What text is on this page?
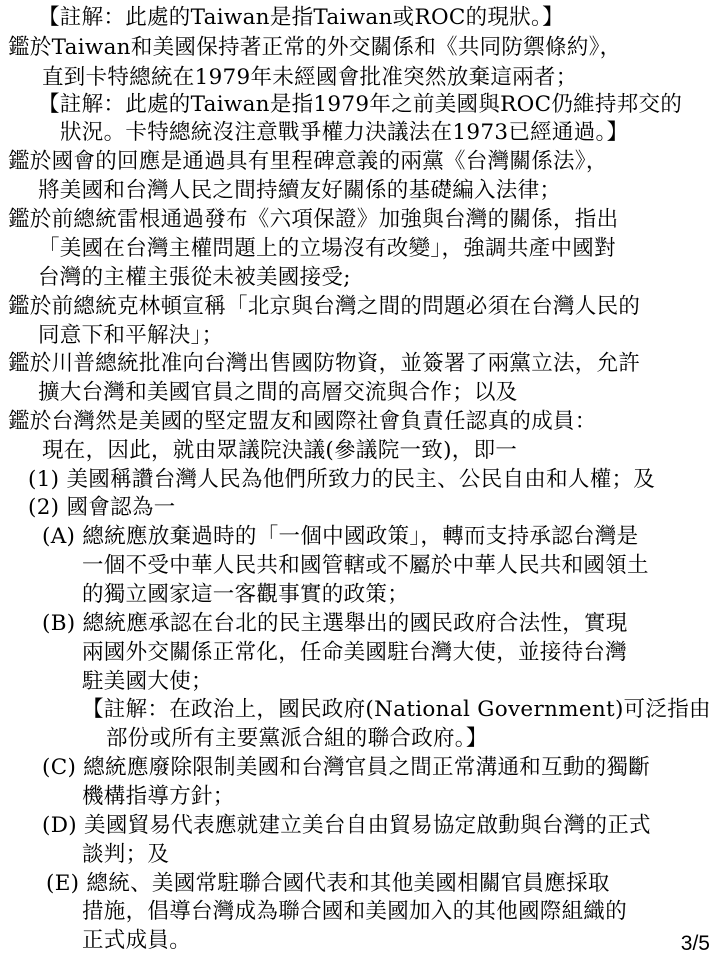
【註解：此處的Taiwan是指Taiwan或ROC的現狀。】

鑑於Taiwan和美國保持著正常的外交關係和《共同防禦條約》，

直到卡特總統在1979年未經國會批准突然放棄這兩者；

【註解：此處的Taiwan是指1979年之前美國與ROC仍維持邦交的

狀況。卡特總統沒注意戰爭權力決議法在1973已經通過。】

鑑於國會的回應是通過具有里程碑意義的兩黨《台灣關係法》，

將美國和台灣人民之間持續友好關係的基礎編入法律；

鑑於前總統雷根通過發布《六項保證》加強與台灣的關係，指出

「美國在台灣主權問題上的立場沒有改變」，強調共產中國對

台灣的主權主張從未被美國接受;

鑑於前總統克林頓宣稱「北京與台灣之間的問題必須在台灣人民的

同意下和平解決」；

鑑於川普總統批准向台灣出售國防物資，並簽署了兩黨立法，允許

擴大台灣和美國官員之間的高層交流與合作；以及

鑑於台灣然是美國的堅定盟友和國際社會負責任認真的成員：

現在，因此，就由眾議院決議(參議院一致)，即一

(1) 美國稱讚台灣人民為他們所致力的民主、公民自由和人權；及

(2) 國會認為一

(A) 總統應放棄過時的「一個中國政策」，轉而支持承認台灣是

一個不受中華人民共和國管轄或不屬於中華人民共和國領土

的獨立國家這一客觀事實的政策；

(B) 總統應承認在台北的民主選舉出的國民政府合法性，實現

兩國外交關係正常化，任命美國駐台灣大使，並接待台灣

駐美國大使；

【註解：在政治上，國民政府(National Government)可泛指由

部份或所有主要黨派合組的聯合政府。】

(C) 總統應廢除限制美國和台灣官員之間正常溝通和互動的獨斷

機構指導方針；

(D) 美國貿易代表應就建立美台自由貿易協定啟動與台灣的正式

談判；及

(E) 總統、美國常駐聯合國代表和其他美國相關官員應採取

措施，倡導台灣成為聯合國和美國加入的其他國際組織的

正式成員。	3/5
